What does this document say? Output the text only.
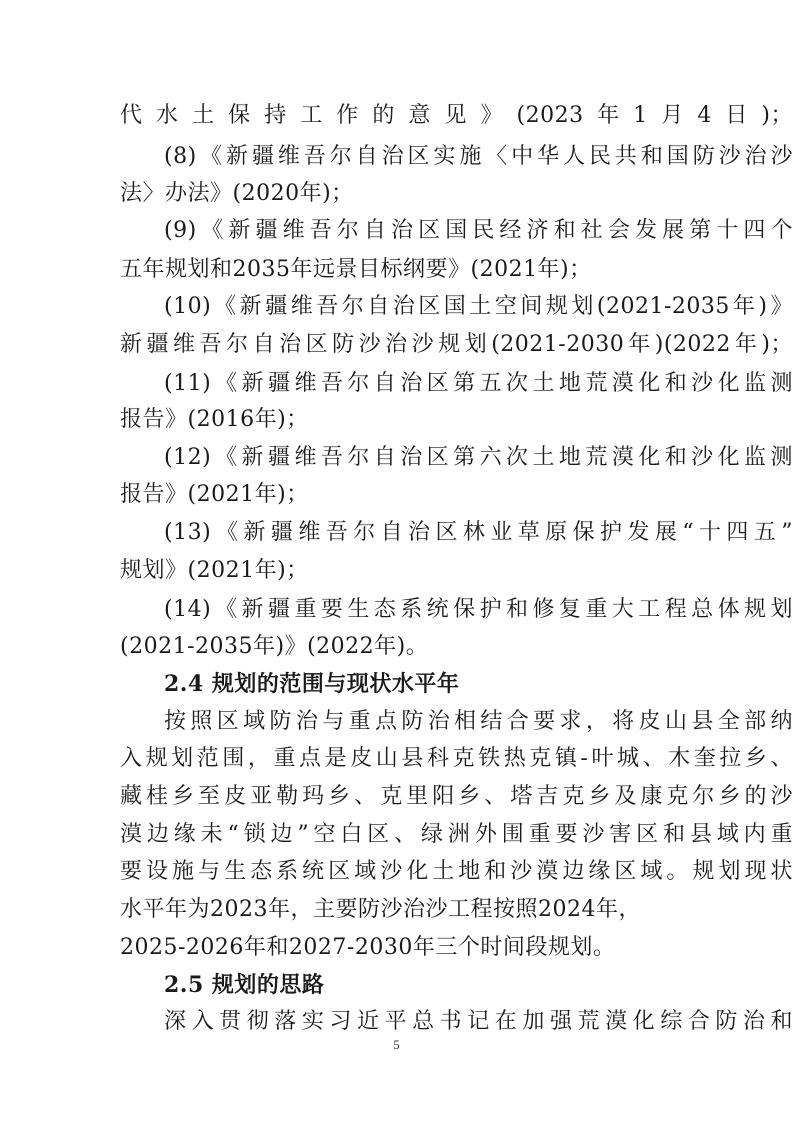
代水土保持工作的意见》(2023年1月4日)；
(8)《新疆维吾尔自治区实施〈中华人民共和国防沙治沙
法〉办法》(2020年)；
(9)《新疆维吾尔自治区国民经济和社会发展第十四个
五年规划和2035年远景目标纲要》(2021年)；
(10)《新疆维吾尔自治区国土空间规划(2021-2035年)》
新疆维吾尔自治区防沙治沙规划(2021-2030年)(2022年)；
(11)《新疆维吾尔自治区第五次土地荒漠化和沙化监测
报告》(2016年)；
(12)《新疆维吾尔自治区第六次土地荒漠化和沙化监测
报告》(2021年)；
(13)《新疆维吾尔自治区林业草原保护发展“十四五”
规划》(2021年)；
(14)《新疆重要生态系统保护和修复重大工程总体规划
(2021-2035年)》(2022年)。
2.4 规划的范围与现状水平年
按照区域防治与重点防治相结合要求，将皮山县全部纳
入规划范围，重点是皮山县科克铁热克镇-叶城、木奎拉乡、
藏桂乡至皮亚勒玛乡、克里阳乡、塔吉克乡及康克尔乡的沙
漠边缘未“锁边”空白区、绿洲外围重要沙害区和县域内重
要设施与生态系统区域沙化土地和沙漠边缘区域。规划现状
水平年为2023年，主要防沙治沙工程按照2024年，
2025-2026年和2027-2030年三个时间段规划。
2.5 规划的思路
深入贯彻落实习近平总书记在加强荒漠化综合防治和
5
